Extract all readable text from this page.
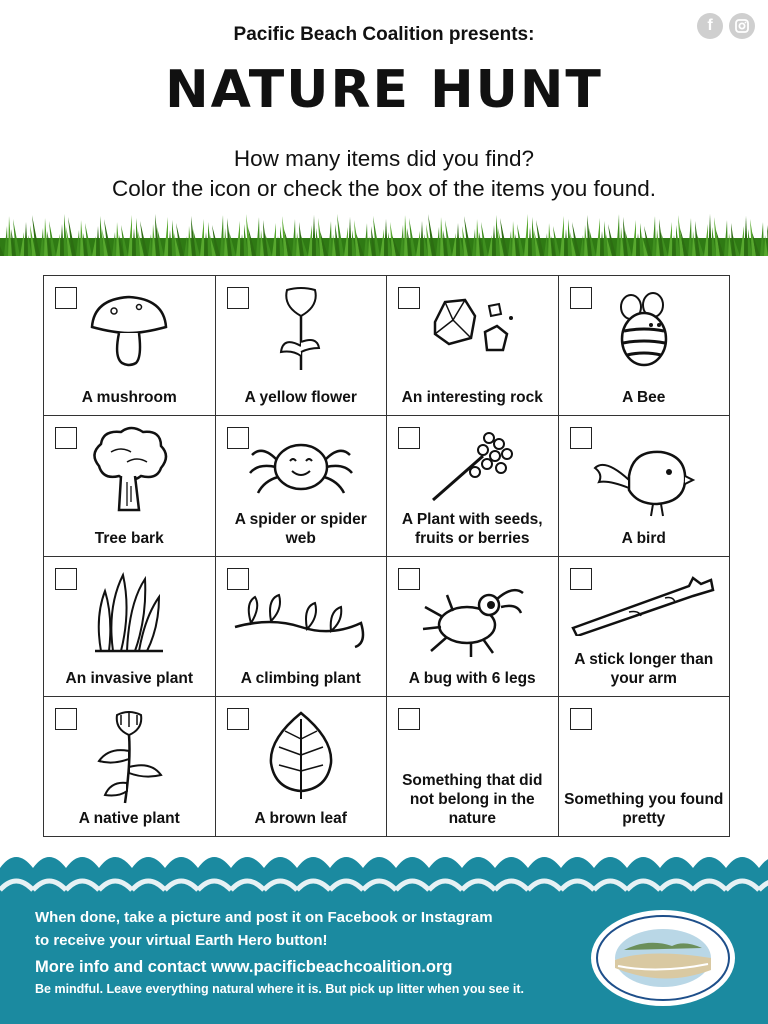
f
Pacific Beach Coalition presents:
NATURE HUNT
How many items did you find?
Color the icon or check the box of the items you found.
A mushroom	A yellow flower	An interesting rock	A Bee

Tree bark	A spider or spider web	A Plant with seeds, fruits or berries	A bird

An invasive plant	A climbing plant	A bug with 6 legs	A stick longer than your arm

A native plant	A brown leaf	Something that did not belong in the nature	Something you found pretty
When done, take a picture and post it on Facebook or Instagram to receive your virtual Earth Hero button!
More info and contact www.pacificbeachcoalition.org
Be mindful. Leave everything natural where it is. But pick up litter when you see it.
